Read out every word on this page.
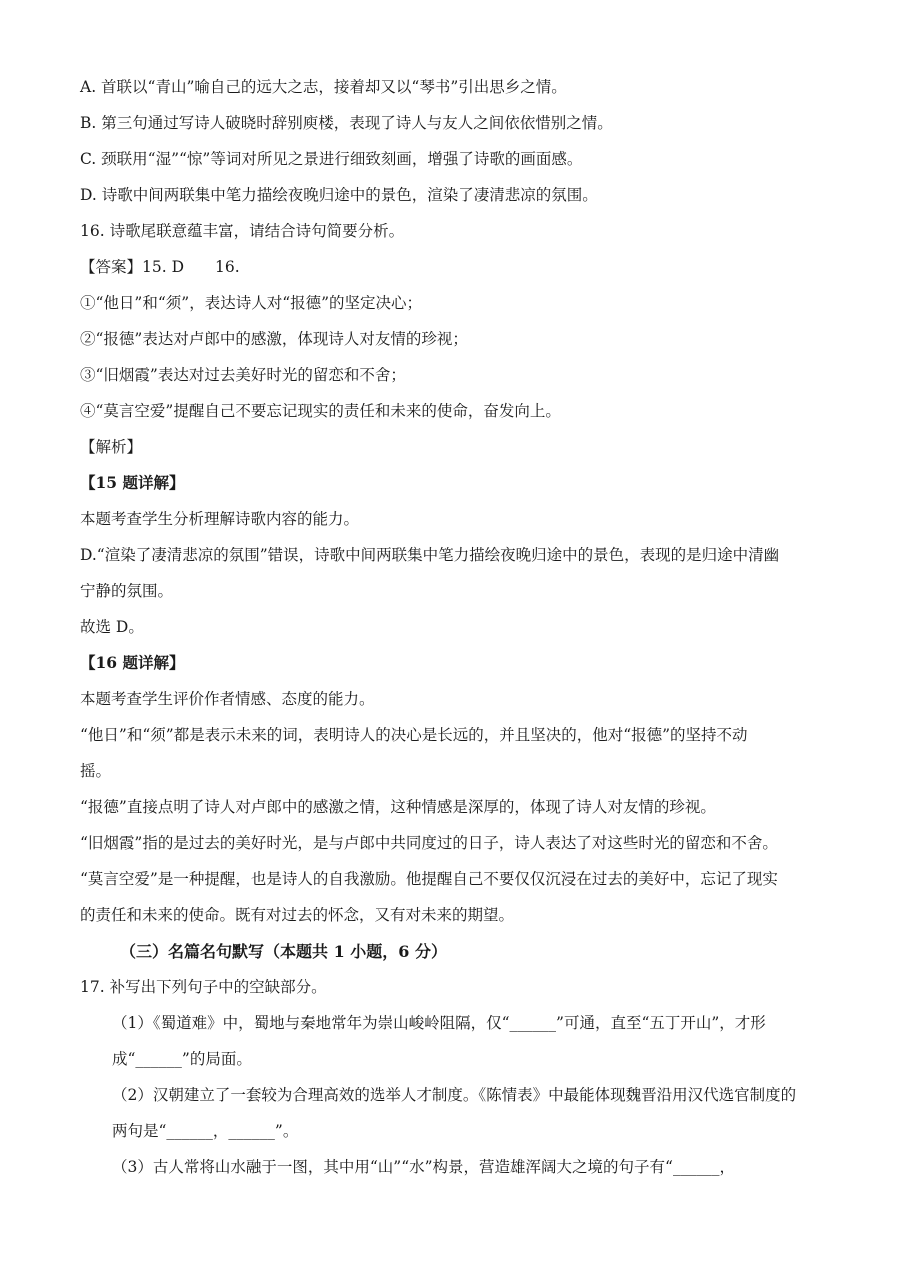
A. 首联以“青山”喻自己的远大之志，接着却又以“琴书”引出思乡之情。
B. 第三句通过写诗人破晓时辞别庾楼，表现了诗人与友人之间依依惜别之情。
C. 颈联用“湿”“惊”等词对所见之景进行细致刻画，增强了诗歌的画面感。
D. 诗歌中间两联集中笔力描绘夜晚归途中的景色，渲染了凄清悲凉的氛围。
16. 诗歌尾联意蕴丰富，请结合诗句简要分析。
【答案】15. D　　16.
①“他日”和“须”，表达诗人对“报德”的坚定决心；
②“报德”表达对卢郎中的感激，体现诗人对友情的珍视；
③“旧烟霞”表达对过去美好时光的留恋和不舍；
④“莫言空爱”提醒自己不要忘记现实的责任和未来的使命，奋发向上。
【解析】
【15 题详解】
本题考查学生分析理解诗歌内容的能力。
D.“渲染了凄清悲凉的氛围”错误，诗歌中间两联集中笔力描绘夜晚归途中的景色，表现的是归途中清幽
宁静的氛围。
故选 D。
【16 题详解】
本题考查学生评价作者情感、态度的能力。
“他日”和“须”都是表示未来的词，表明诗人的决心是长远的，并且坚决的，他对“报德”的坚持不动
摇。
“报德”直接点明了诗人对卢郎中的感激之情，这种情感是深厚的，体现了诗人对友情的珍视。
“旧烟霞”指的是过去的美好时光，是与卢郎中共同度过的日子，诗人表达了对这些时光的留恋和不舍。
“莫言空爱”是一种提醒，也是诗人的自我激励。他提醒自己不要仅仅沉浸在过去的美好中，忘记了现实
的责任和未来的使命。既有对过去的怀念，又有对未来的期望。
（三）名篇名句默写（本题共 1 小题，6 分）
17. 补写出下列句子中的空缺部分。
（1）《蜀道难》中，蜀地与秦地常年为崇山峻岭阻隔，仅“______”可通，直至“五丁开山”，才形
成“______”的局面。
（2）汉朝建立了一套较为合理高效的选举人才制度。《陈情表》中最能体现魏晋沿用汉代选官制度的
两句是“______，______”。
（3）古人常将山水融于一图，其中用“山”“水”构景，营造雄浑阔大之境的句子有“______，
